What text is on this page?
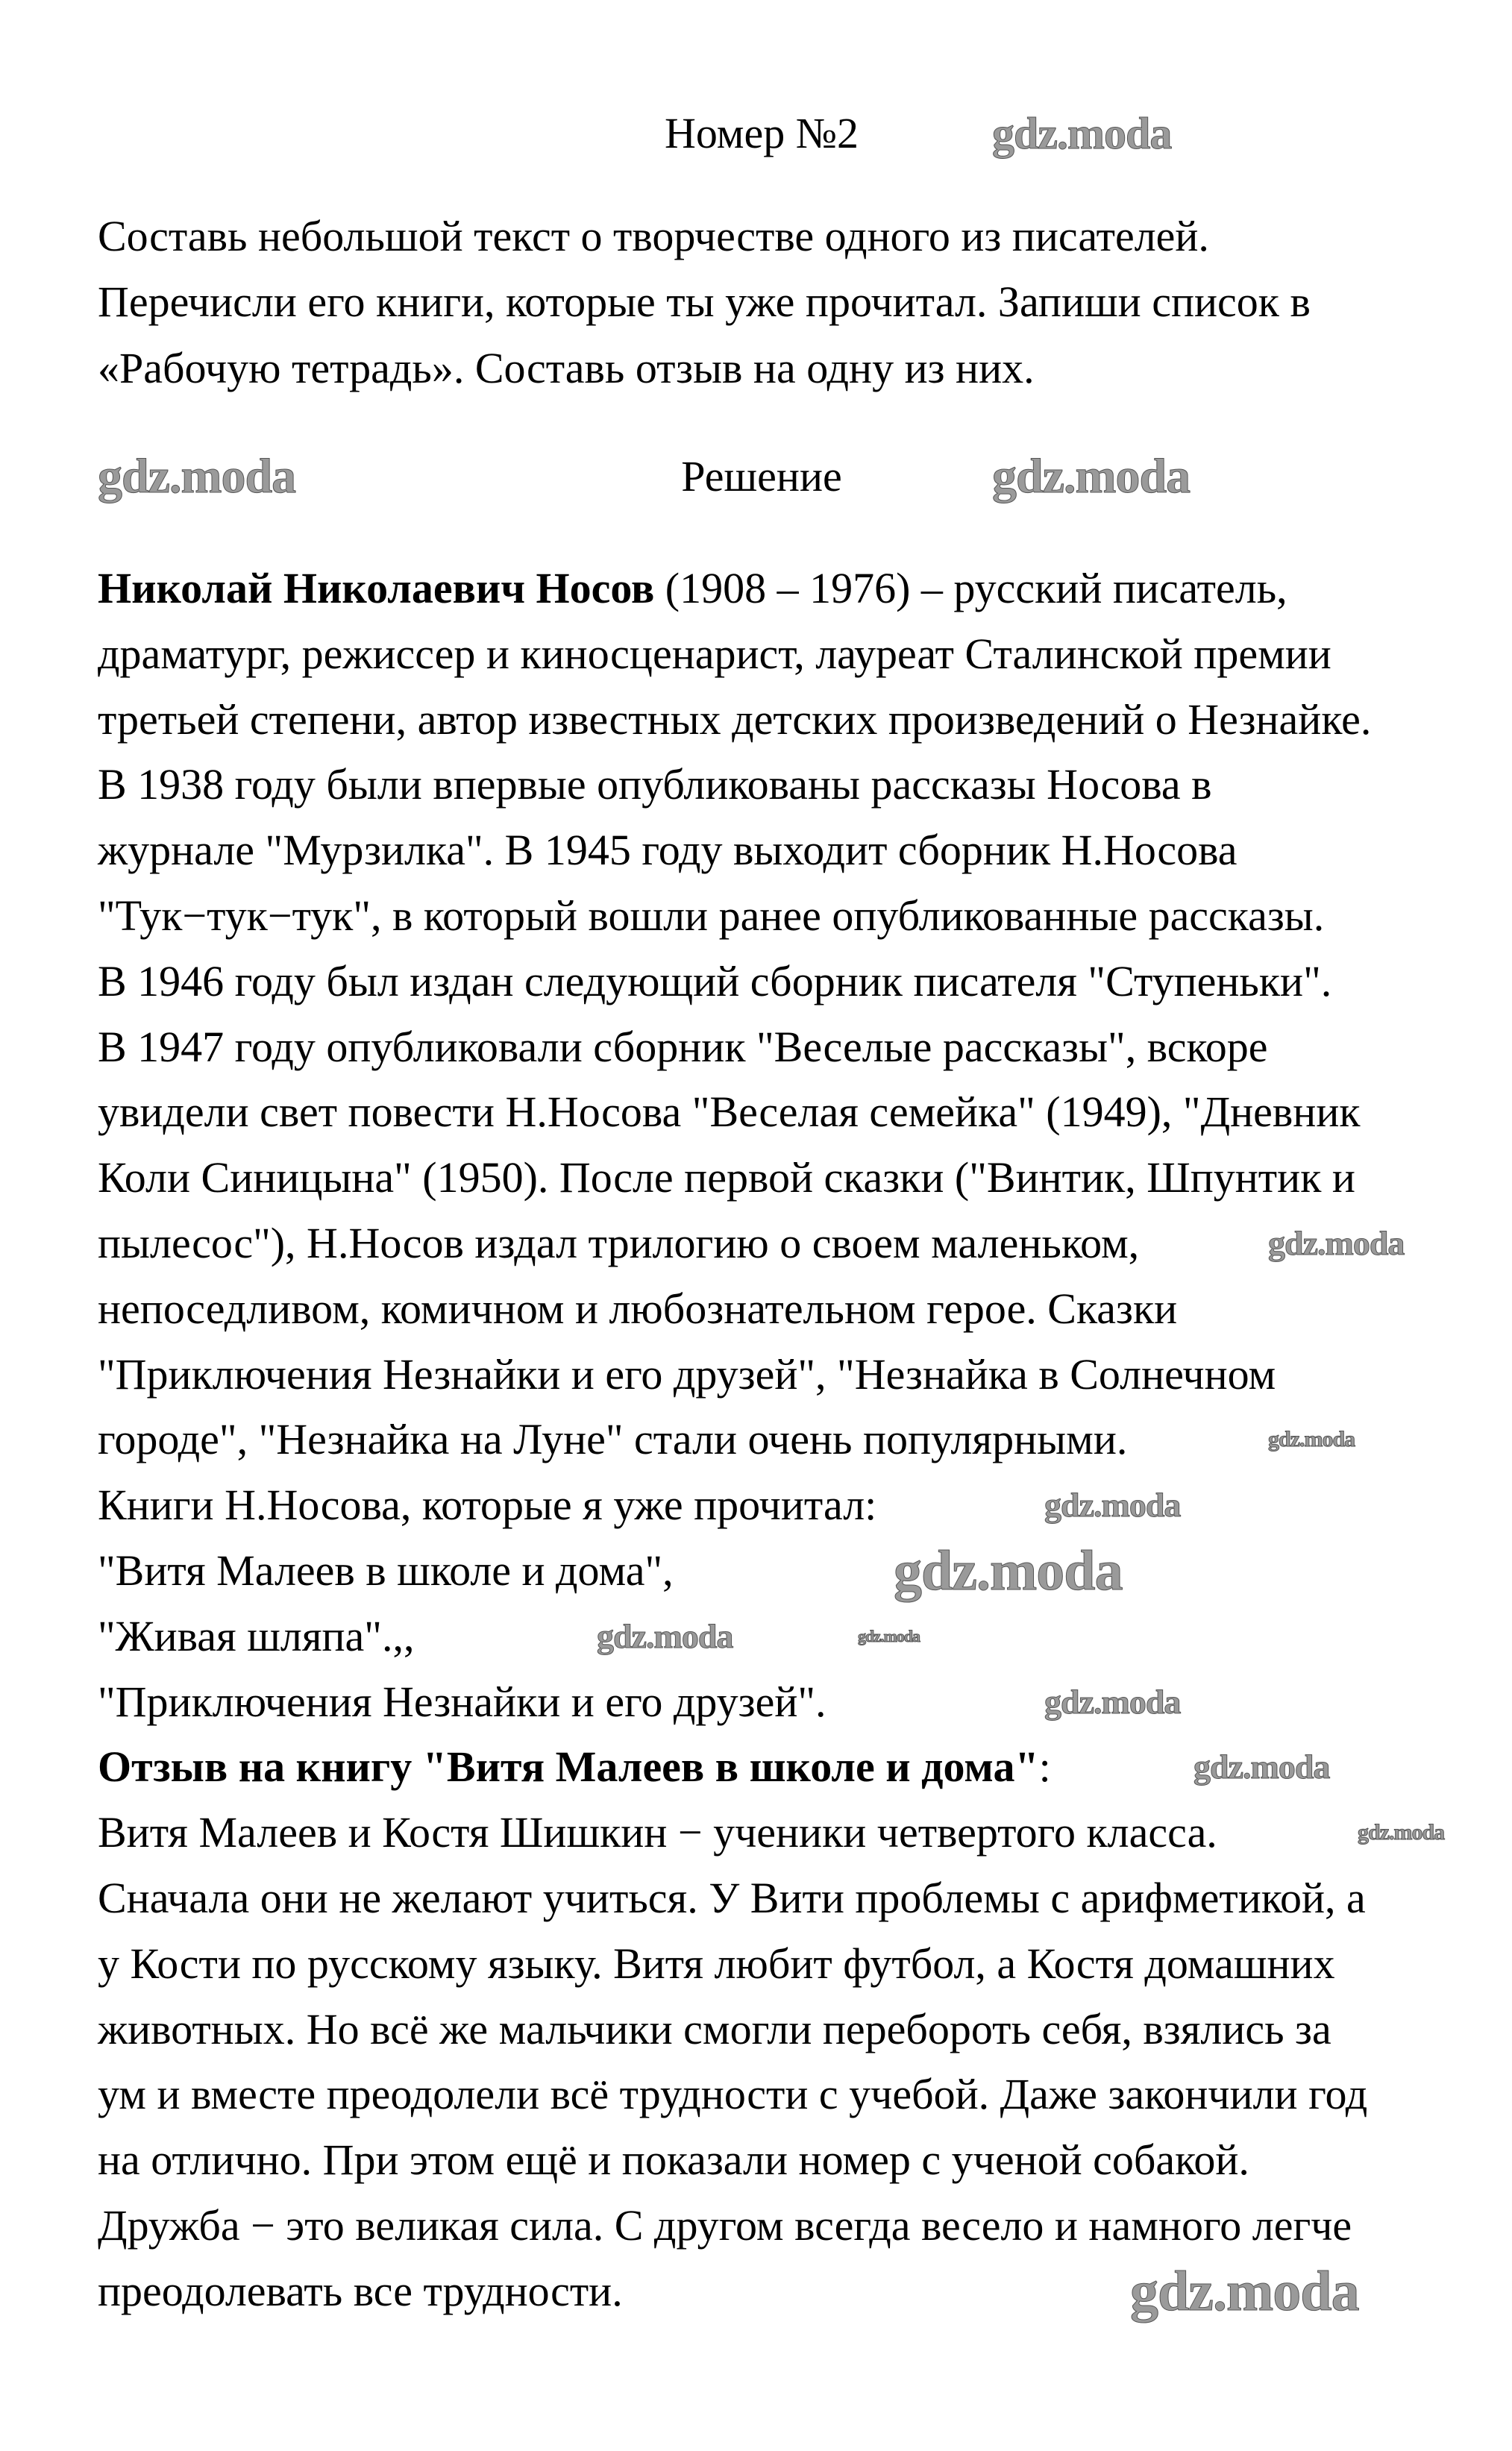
Номер №2
Составь небольшой текст о творчестве одного из писателей.
Перечисли его книги, которые ты уже прочитал. Запиши список в
«Рабочую тетрадь». Составь отзыв на одну из них.
Решение
Николай Николаевич Носов (1908 – 1976) – русский писатель,
драматург, режиссер и киносценарист, лауреат Сталинской премии
третьей степени, автор известных детских произведений о Незнайке.
В 1938 году были впервые опубликованы рассказы Носова в
журнале "Мурзилка". В 1945 году выходит сборник Н.Носова
"Тук−тук−тук", в который вошли ранее опубликованные рассказы.
В 1946 году был издан следующий сборник писателя "Ступеньки".
В 1947 году опубликовали сборник "Веселые рассказы", вскоре
увидели свет повести Н.Носова "Веселая семейка" (1949), "Дневник
Коли Синицына" (1950). После первой сказки ("Винтик, Шпунтик и
пылесос"), Н.Носов издал трилогию о своем маленьком,
непоседливом, комичном и любознательном герое. Сказки
"Приключения Незнайки и его друзей", "Незнайка в Солнечном
городе", "Незнайка на Луне" стали очень популярными.
Книги Н.Носова, которые я уже прочитал:
"Витя Малеев в школе и дома",
"Живая шляпа".,,
"Приключения Незнайки и его друзей".
Отзыв на книгу "Витя Малеев в школе и дома":
Витя Малеев и Костя Шишкин − ученики четвертого класса.
Сначала они не желают учиться. У Вити проблемы с арифметикой, а
у Кости по русскому языку. Витя любит футбол, а Костя домашних
животных. Но всё же мальчики смогли перебороть себя, взялись за
ум и вместе преодолели всё трудности с учебой. Даже закончили год
на отлично. При этом ещё и показали номер с ученой собакой.
Дружба − это великая сила. С другом всегда весело и намного легче
преодолевать все трудности.
gdz.moda
gdz.moda	gdz.moda
gdz.moda
gdz.moda
gdz.moda
gdz.moda
gdz.moda	gdz.moda
gdz.moda
gdz.moda
gdz.moda
gdz.moda
